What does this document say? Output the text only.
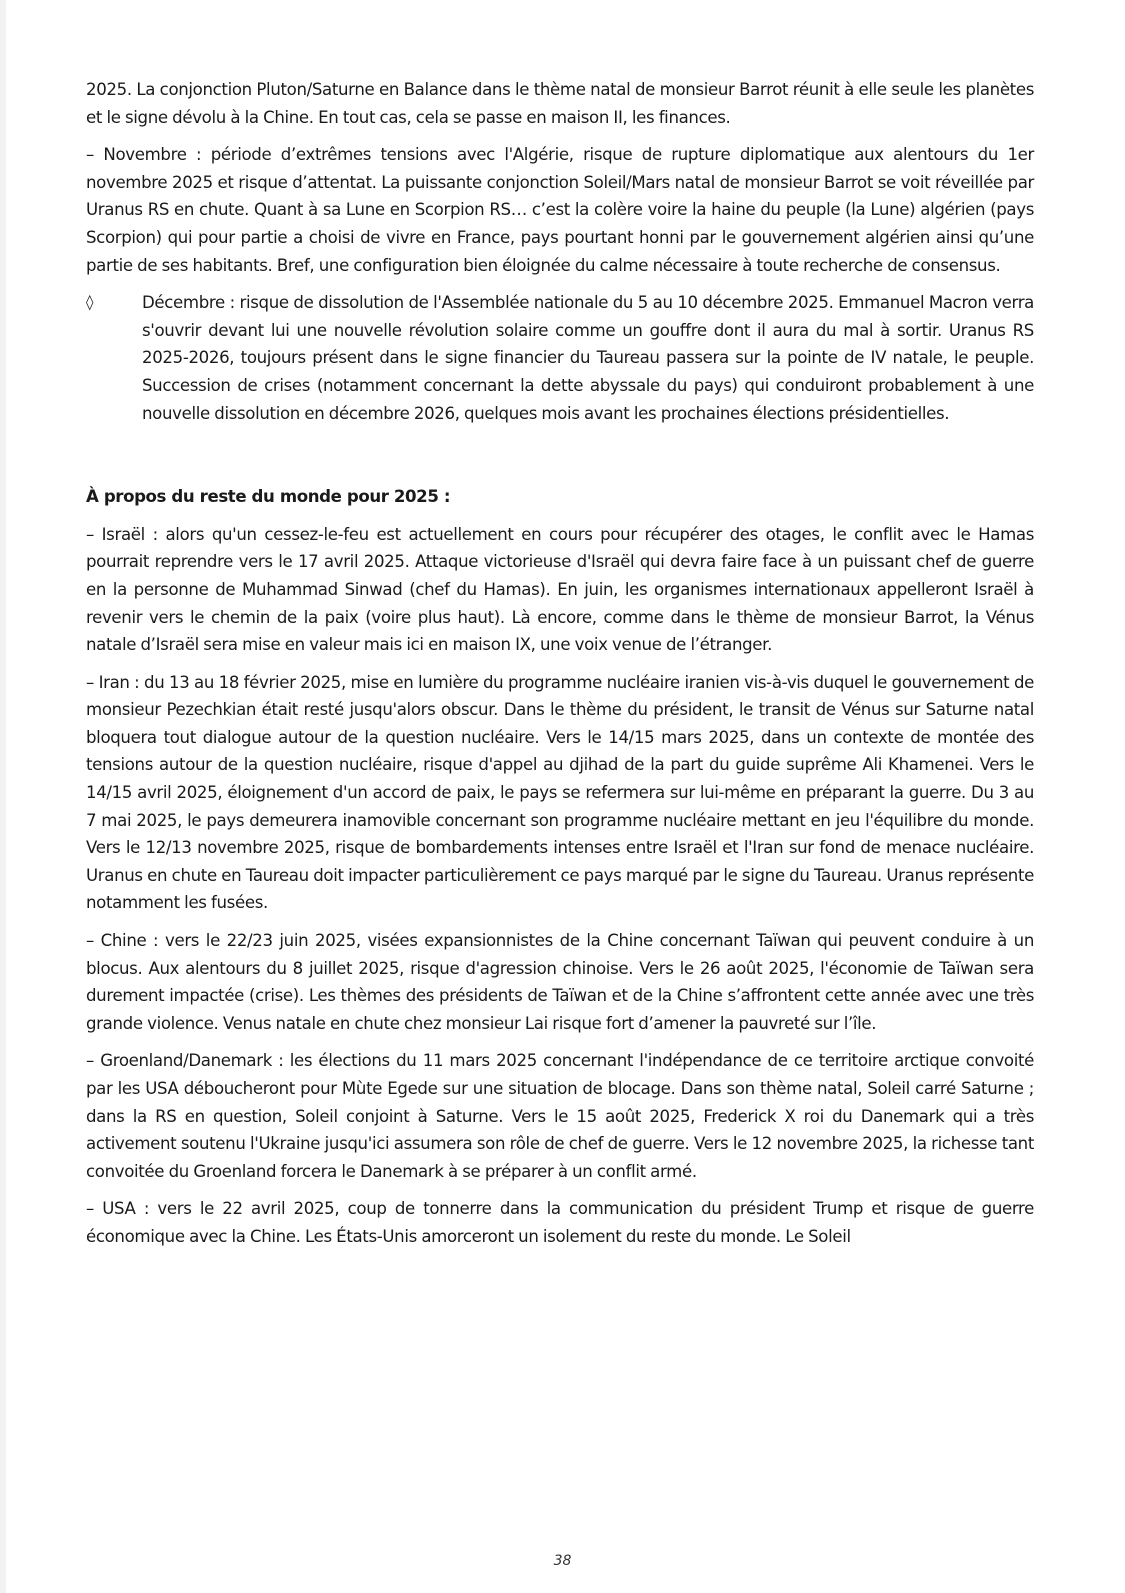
2025. La conjonction Pluton/Saturne en Balance dans le thème natal de monsieur Barrot réunit à elle seule les planètes et le signe dévolu à la Chine. En tout cas, cela se passe en maison II, les finances.

– Novembre : période d’extrêmes tensions avec l'Algérie, risque de rupture diplomatique aux alentours du 1er novembre 2025 et risque d’attentat. La puissante conjonction Soleil/Mars natal de monsieur Barrot se voit réveillée par Uranus RS en chute. Quant à sa Lune en Scorpion RS… c’est la colère voire la haine du peuple (la Lune) algérien (pays Scorpion) qui pour partie a choisi de vivre en France, pays pourtant honni par le gouvernement algérien ainsi qu’une partie de ses habitants. Bref, une configuration bien éloignée du calme nécessaire à toute recherche de consensus.

◊	Décembre : risque de dissolution de l'Assemblée nationale du 5 au 10 décembre 2025. Emmanuel Macron verra s'ouvrir devant lui une nouvelle révolution solaire comme un gouffre dont il aura du mal à sortir. Uranus RS 2025-2026, toujours présent dans le signe financier du Taureau passera sur la pointe de IV natale, le peuple. Succession de crises (notamment concernant la dette abyssale du pays) qui conduiront probablement à une nouvelle dissolution en décembre 2026, quelques mois avant les prochaines élections présidentielles.

À propos du reste du monde pour 2025 :

– Israël : alors qu'un cessez-le-feu est actuellement en cours pour récupérer des otages, le conflit avec le Hamas pourrait reprendre vers le 17 avril 2025. Attaque victorieuse d'Israël qui devra faire face à un puissant chef de guerre en la personne de Muhammad Sinwad (chef du Hamas). En juin, les organismes internationaux appelleront Israël à revenir vers le chemin de la paix (voire plus haut). Là encore, comme dans le thème de monsieur Barrot, la Vénus natale d’Israël sera mise en valeur mais ici en maison IX, une voix venue de l’étranger.

– Iran : du 13 au 18 février 2025, mise en lumière du programme nucléaire iranien vis-à-vis duquel le gouvernement de monsieur Pezechkian était resté jusqu'alors obscur. Dans le thème du président, le transit de Vénus sur Saturne natal bloquera tout dialogue autour de la question nucléaire. Vers le 14/15 mars 2025, dans un contexte de montée des tensions autour de la question nucléaire, risque d'appel au djihad de la part du guide suprême Ali Khamenei. Vers le 14/15 avril 2025, éloignement d'un accord de paix, le pays se refermera sur lui-même en préparant la guerre. Du 3 au 7 mai 2025, le pays demeurera inamovible concernant son programme nucléaire mettant en jeu l'équilibre du monde. Vers le 12/13 novembre 2025, risque de bombardements intenses entre Israël et l'Iran sur fond de menace nucléaire. Uranus en chute en Taureau doit impacter particulièrement ce pays marqué par le signe du Taureau. Uranus représente notamment les fusées.

– Chine : vers le 22/23 juin 2025, visées expansionnistes de la Chine concernant Taïwan qui peuvent conduire à un blocus. Aux alentours du 8 juillet 2025, risque d'agression chinoise. Vers le 26 août 2025, l'économie de Taïwan sera durement impactée (crise). Les thèmes des présidents de Taïwan et de la Chine s’affrontent cette année avec une très grande violence. Venus natale en chute chez monsieur Lai risque fort d’amener la pauvreté sur l’île.

– Groenland/Danemark : les élections du 11 mars 2025 concernant l'indépendance de ce territoire arctique convoité par les USA déboucheront pour Mùte Egede sur une situation de blocage. Dans son thème natal, Soleil carré Saturne ; dans la RS en question, Soleil conjoint à Saturne. Vers le 15 août 2025, Frederick X roi du Danemark qui a très activement soutenu l'Ukraine jusqu'ici assumera son rôle de chef de guerre. Vers le 12 novembre 2025, la richesse tant convoitée du Groenland forcera le Danemark à se préparer à un conflit armé.

– USA : vers le 22 avril 2025, coup de tonnerre dans la communication du président Trump et risque de guerre économique avec la Chine. Les États-Unis amorceront un isolement du reste du monde. Le Soleil

38
